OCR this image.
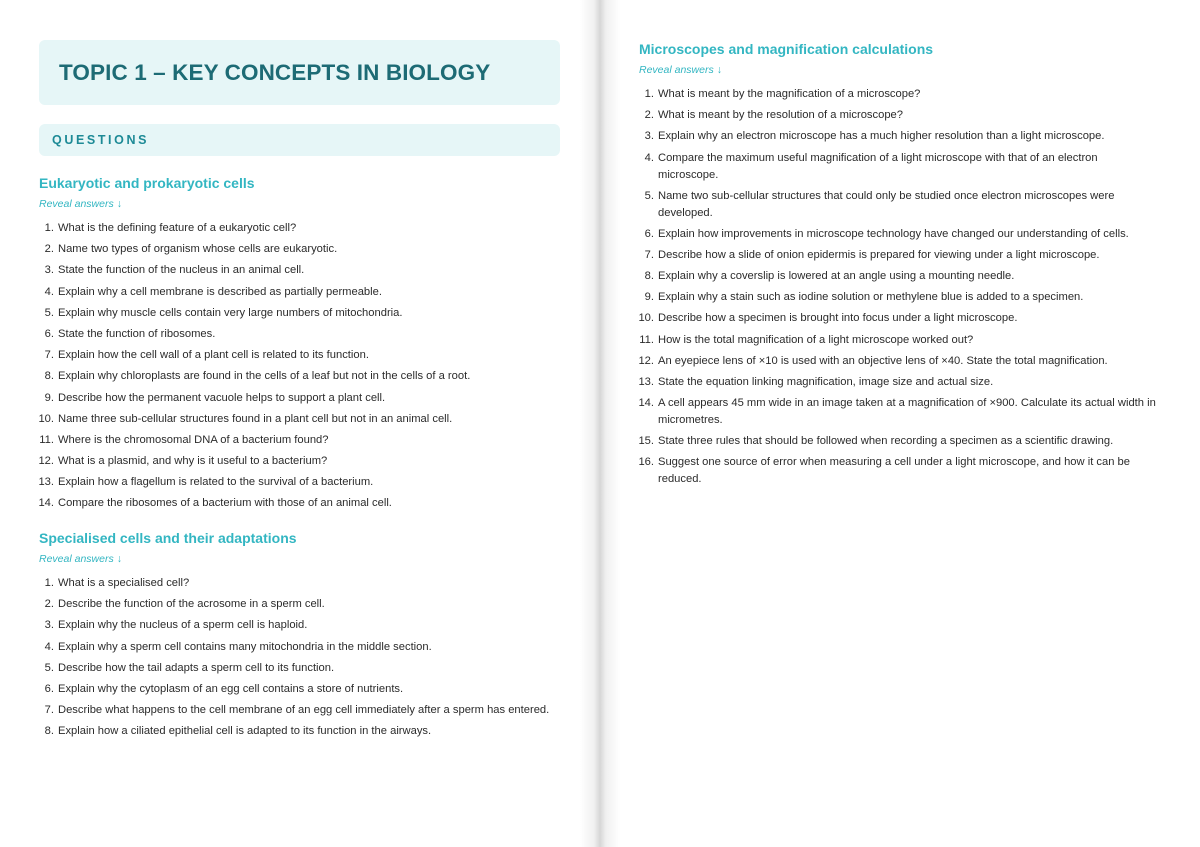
TOPIC 1 – KEY CONCEPTS IN BIOLOGY
QUESTIONS
Eukaryotic and prokaryotic cells
Reveal answers ↓
1. What is the defining feature of a eukaryotic cell?
2. Name two types of organism whose cells are eukaryotic.
3. State the function of the nucleus in an animal cell.
4. Explain why a cell membrane is described as partially permeable.
5. Explain why muscle cells contain very large numbers of mitochondria.
6. State the function of ribosomes.
7. Explain how the cell wall of a plant cell is related to its function.
8. Explain why chloroplasts are found in the cells of a leaf but not in the cells of a root.
9. Describe how the permanent vacuole helps to support a plant cell.
10. Name three sub-cellular structures found in a plant cell but not in an animal cell.
11. Where is the chromosomal DNA of a bacterium found?
12. What is a plasmid, and why is it useful to a bacterium?
13. Explain how a flagellum is related to the survival of a bacterium.
14. Compare the ribosomes of a bacterium with those of an animal cell.
Specialised cells and their adaptations
Reveal answers ↓
1. What is a specialised cell?
2. Describe the function of the acrosome in a sperm cell.
3. Explain why the nucleus of a sperm cell is haploid.
4. Explain why a sperm cell contains many mitochondria in the middle section.
5. Describe how the tail adapts a sperm cell to its function.
6. Explain why the cytoplasm of an egg cell contains a store of nutrients.
7. Describe what happens to the cell membrane of an egg cell immediately after a sperm has entered.
8. Explain how a ciliated epithelial cell is adapted to its function in the airways.
Microscopes and magnification calculations
Reveal answers ↓
1. What is meant by the magnification of a microscope?
2. What is meant by the resolution of a microscope?
3. Explain why an electron microscope has a much higher resolution than a light microscope.
4. Compare the maximum useful magnification of a light microscope with that of an electron
microscope.
5. Name two sub-cellular structures that could only be studied once electron microscopes were
developed.
6. Explain how improvements in microscope technology have changed our understanding of cells.
7. Describe how a slide of onion epidermis is prepared for viewing under a light microscope.
8. Explain why a coverslip is lowered at an angle using a mounting needle.
9. Explain why a stain such as iodine solution or methylene blue is added to a specimen.
10. Describe how a specimen is brought into focus under a light microscope.
11. How is the total magnification of a light microscope worked out?
12. An eyepiece lens of ×10 is used with an objective lens of ×40. State the total magnification.
13. State the equation linking magnification, image size and actual size.
14. A cell appears 45 mm wide in an image taken at a magnification of ×900. Calculate its actual width in
micrometres.
15. State three rules that should be followed when recording a specimen as a scientific drawing.
16. Suggest one source of error when measuring a cell under a light microscope, and how it can be
reduced.
